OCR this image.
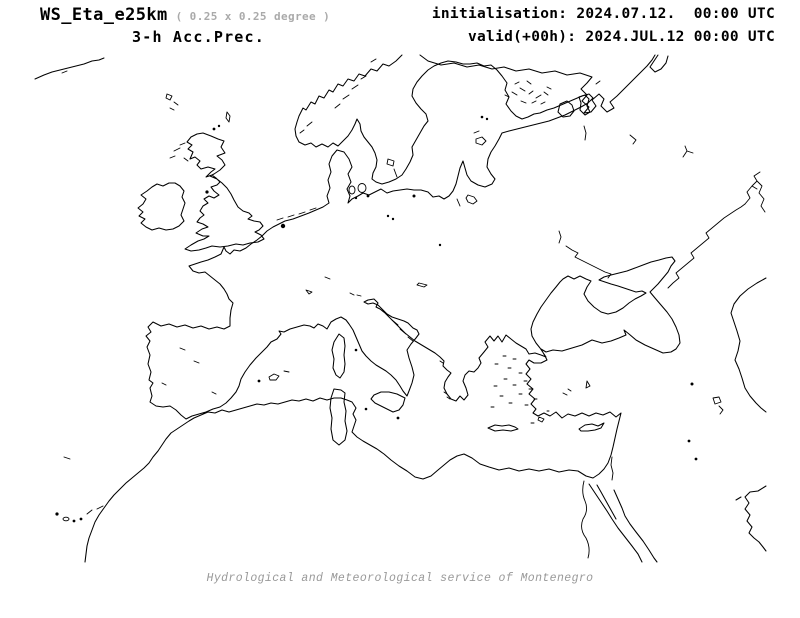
WS_Eta_e25km ( 0.25 x 0.25 degree )
3-h Acc.Prec.
initialisation: 2024.07.12.  00:00 UTC
valid(+00h): 2024.JUL.12 00:00 UTC
Hydrological and Meteorological service of Montenegro
